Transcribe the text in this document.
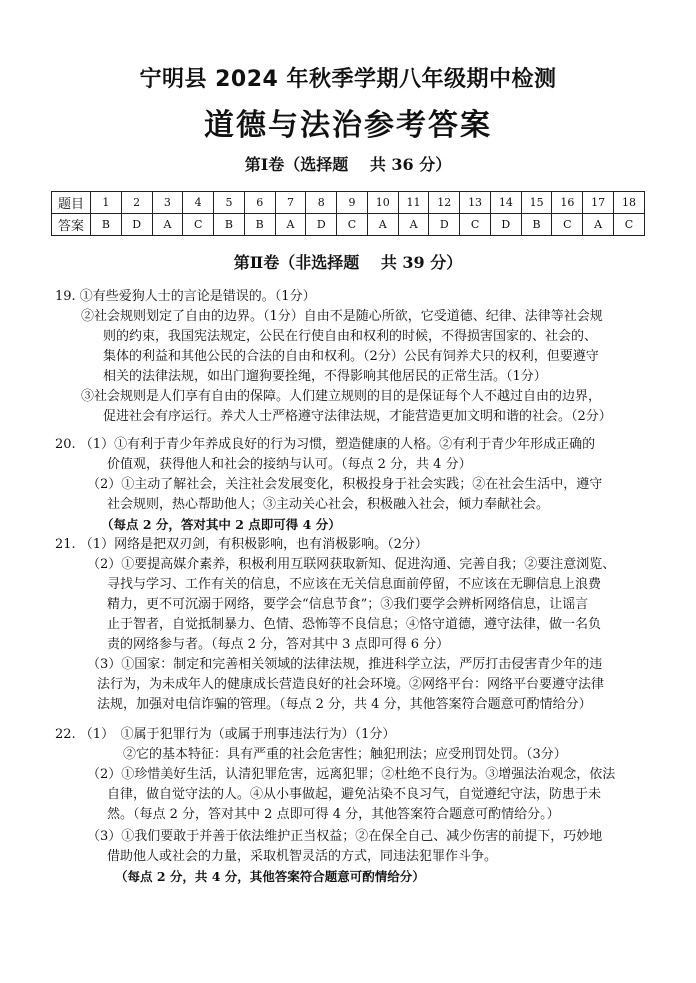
宁明县 2024 年秋季学期八年级期中检测
道德与法治参考答案
第Ⅰ卷（选择题　 共 36 分）
题目	1	2	3	4	5	6	7	8	9	10	11	12	13	14	15	16	17	18
答案	B	D	A	C	B	B	A	D	C	A	A	D	C	D	B	C	A	C
第Ⅱ卷（非选择题　 共 39 分）
19. ①有些爱狗人士的言论是错误的。（1分）
②社会规则划定了自由的边界。（1分）自由不是随心所欲，它受道德、纪律、法律等社会规
则的约束，我国宪法规定，公民在行使自由和权利的时候，不得损害国家的、社会的、
集体的利益和其他公民的合法的自由和权利。（2分）公民有饲养犬只的权利，但要遵守
相关的法律法规，如出门遛狗要拴绳，不得影响其他居民的正常生活。（1分）
③社会规则是人们享有自由的保障。人们建立规则的目的是保证每个人不越过自由的边界，
促进社会有序运行。养犬人士严格遵守法律法规，才能营造更加文明和谐的社会。（2分）
20. （1）①有利于青少年养成良好的行为习惯，塑造健康的人格。②有利于青少年形成正确的
价值观，获得他人和社会的接纳与认可。（每点 2 分，共 4 分）
（2）①主动了解社会，关注社会发展变化，积极投身于社会实践；②在社会生活中，遵守
社会规则，热心帮助他人；③主动关心社会，积极融入社会，倾力奉献社会。
（每点 2 分，答对其中 2 点即可得 4 分）
21. （1）网络是把双刃剑，有积极影响，也有消极影响。（2分）
（2）①要提高媒介素养，积极利用互联网获取新知、促进沟通、完善自我；②要注意浏览、
寻找与学习、工作有关的信息，不应该在无关信息面前停留，不应该在无聊信息上浪费
精力，更不可沉溺于网络，要学会“信息节食”；③我们要学会辨析网络信息，让谣言
止于智者，自觉抵制暴力、色情、恐怖等不良信息；④恪守道德，遵守法律，做一名负
责的网络参与者。（每点 2 分，答对其中 3 点即可得 6 分）
（3）①国家：制定和完善相关领域的法律法规，推进科学立法，严厉打击侵害青少年的违
法行为，为未成年人的健康成长营造良好的社会环境。②网络平台：网络平台要遵守法律
法规，加强对电信诈骗的管理。（每点 2 分，共 4 分，其他答案符合题意可酌情给分）
22. （1）　①属于犯罪行为（或属于刑事违法行为）（1分）
②它的基本特征：具有严重的社会危害性；触犯刑法；应受刑罚处罚。（3分）
（2）①珍惜美好生活，认清犯罪危害，远离犯罪；②杜绝不良行为。③增强法治观念，依法
自律，做自觉守法的人。④从小事做起，避免沾染不良习气，自觉遵纪守法，防患于未
然。（每点 2 分，答对其中 2 点即可得 4 分，其他答案符合题意可酌情给分。）
（3）①我们要敢于并善于依法维护正当权益；②在保全自己、减少伤害的前提下，巧妙地
借助他人或社会的力量，采取机智灵活的方式，同违法犯罪作斗争。
（每点 2 分，共 4 分，其他答案符合题意可酌情给分）
